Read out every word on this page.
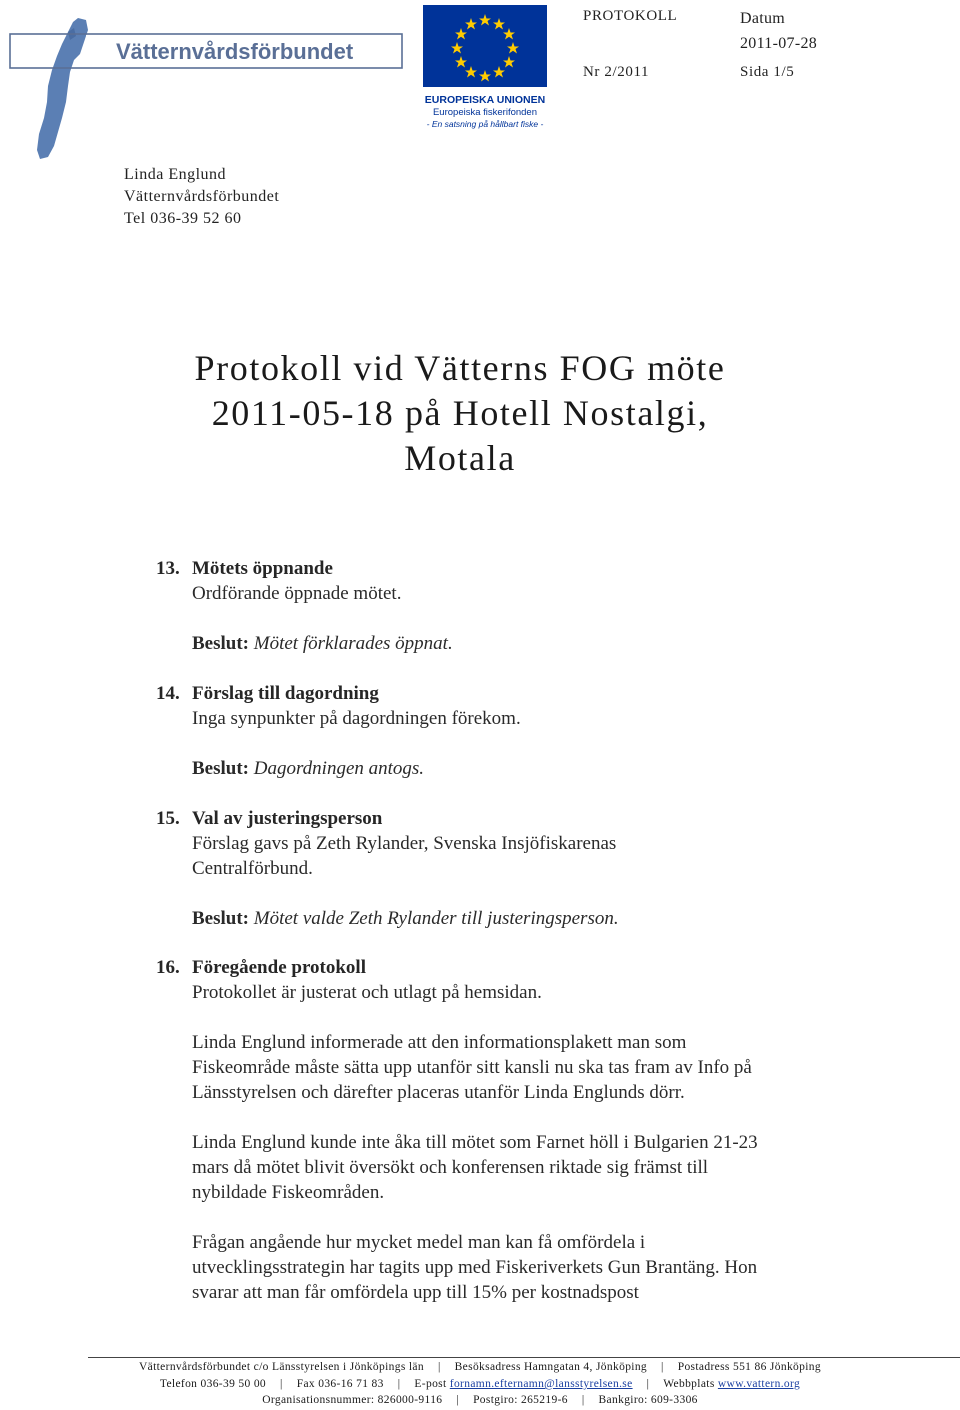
Vätternvårdsförbundet
EUROPEISKA UNIONEN
Europeiska fiskerifonden
- En satsning på hållbart fiske -
PROTOKOLL	Datum
2011-07-28
Nr 2/2011	Sida 1/5
Linda Englund
Vätternvårdsförbundet
Tel 036-39 52 60
Protokoll vid Vätterns FOG möte
2011-05-18 på Hotell Nostalgi,
Motala
13. Mötets öppnande

Ordförande öppnade mötet.

Beslut: Mötet förklarades öppnat.
14. Förslag till dagordning

Inga synpunkter på dagordningen förekom.

Beslut: Dagordningen antogs.
15. Val av justeringsperson

Förslag gavs på Zeth Rylander, Svenska Insjöfiskarenas Centralförbund.

Beslut: Mötet valde Zeth Rylander till justeringsperson.
16. Föregående protokoll

Protokollet är justerat och utlagt på hemsidan.

Linda Englund informerade att den informationsplakett man som Fiskeområde måste sätta upp utanför sitt kansli nu ska tas fram av Info på Länsstyrelsen och därefter placeras utanför Linda Englunds dörr.

Linda Englund kunde inte åka till mötet som Farnet höll i Bulgarien 21-23 mars då mötet blivit översökt och konferensen riktade sig främst till nybildade Fiskeområden.

Frågan angående hur mycket medel man kan få omfördela i utvecklingsstrategin har tagits upp med Fiskeriverkets Gun Brantäng. Hon svarar att man får omfördela upp till 15% per kostnadspost

Vätternvårdsförbundet c/o Länsstyrelsen i Jönköpings län | Besöksadress Hamngatan 4, Jönköping | Postadress 551 86 Jönköping
Telefon 036-39 50 00 | Fax 036-16 71 83 | E-post fornamn.efternamn@lansstyrelsen.se | Webbplats www.vattern.org
Organisationsnummer: 826000-9116 | Postgiro: 265219-6 | Bankgiro: 609-3306
